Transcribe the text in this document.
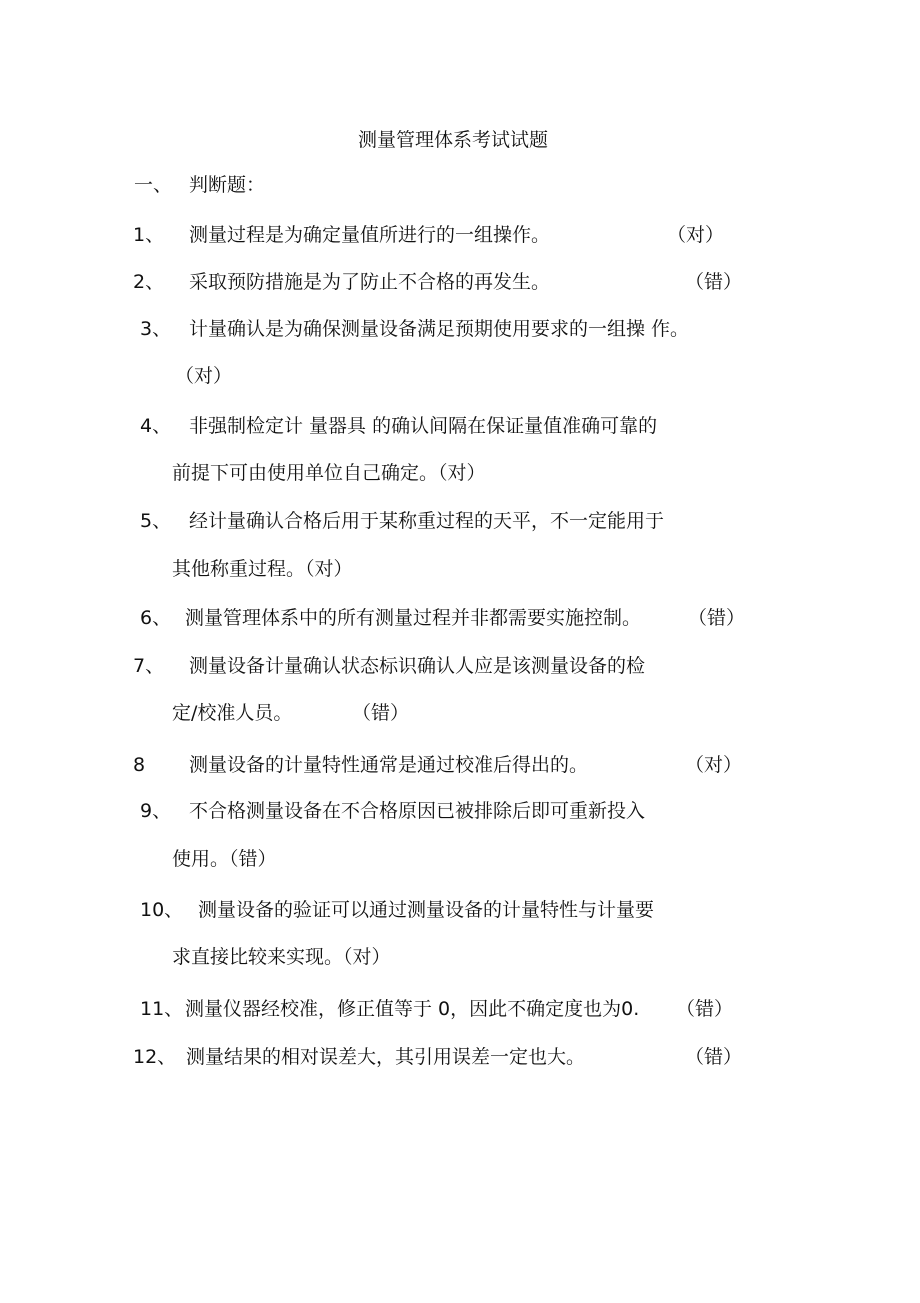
测量管理体系考试试题
一、 判断题：
1、 测量过程是为确定量值所进行的一组操作。	（对）
2、 采取预防措施是为了防止不合格的再发生。	（错）
3、 计量确认是为确保测量设备满足预期使用要求的一组操 作。
（对）
4、 非强制检定计 量器具 的确认间隔在保证量值准确可靠的
前提下可由使用单位自己确定。（对）
5、 经计量确认合格后用于某称重过程的天平，不一定能用于
其他称重过程。（对）
6、 测量管理体系中的所有测量过程并非都需要实施控制。 （错）
7、 测量设备计量确认状态标识确认人应是该测量设备的检
定/校准人员。	（错）
8 测量设备的计量特性通常是通过校准后得出的。	（对）
9、 不合格测量设备在不合格原因已被排除后即可重新投入
使用。（错）
10、 测量设备的验证可以通过测量设备的计量特性与计量要
求直接比较来实现。（对）
11、 测量仪器经校准，修正值等于 0，因此不确定度也为0. （错）
12、 测量结果的相对误差大，其引用误差一定也大。	（错）
